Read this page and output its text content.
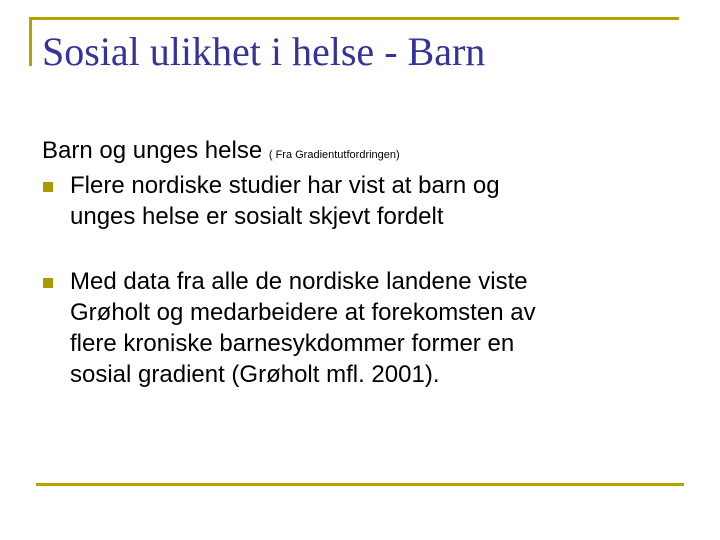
Sosial ulikhet i helse - Barn
Barn og unges helse ( Fra Gradientutfordringen)
Flere nordiske studier har vist at barn og
unges helse er sosialt skjevt fordelt
Med data fra alle de nordiske landene viste
Grøholt og medarbeidere at forekomsten av
flere kroniske barnesykdommer former en
sosial gradient (Grøholt mfl. 2001).
